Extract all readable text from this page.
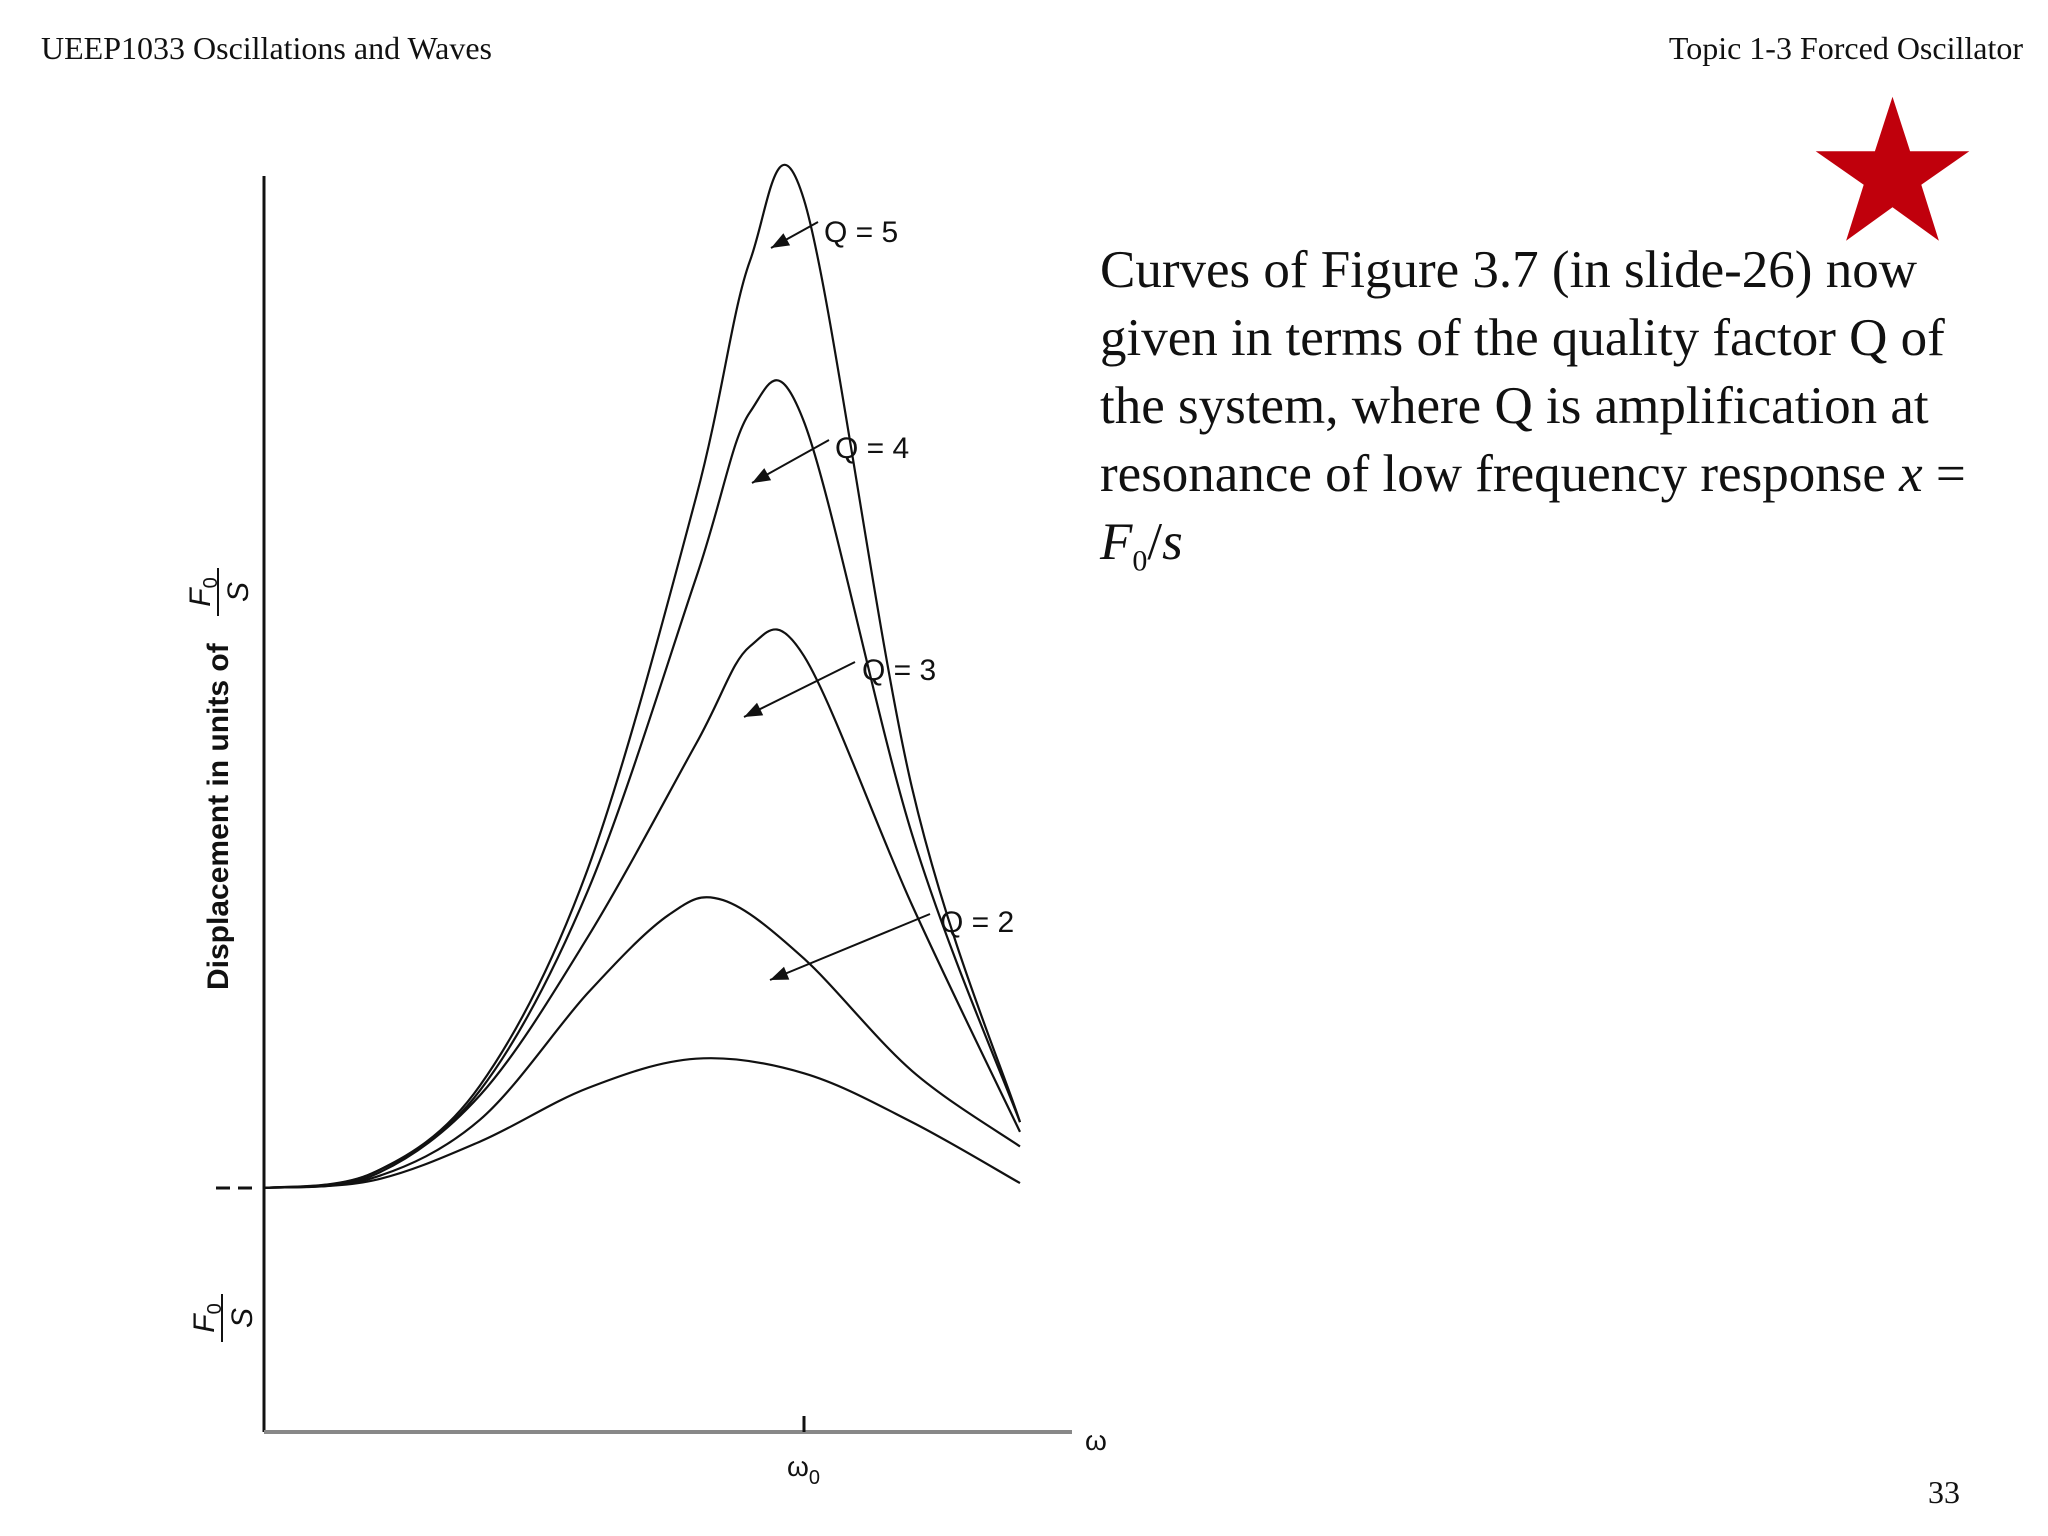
UEEP1033 Oscillations and Waves	Topic 1-3 Forced Oscillator
Curves of Figure 3.7 (in slide-26) now given in terms of the quality factor Q of the system, where Q is amplification at resonance of low frequency response $x = F_0/s$
33
ω
$\omega_0$
$F_0$ S
Displacement in units of
$F_0$ S
Q = 2
Q = 3
Q = 4
Q = 5
